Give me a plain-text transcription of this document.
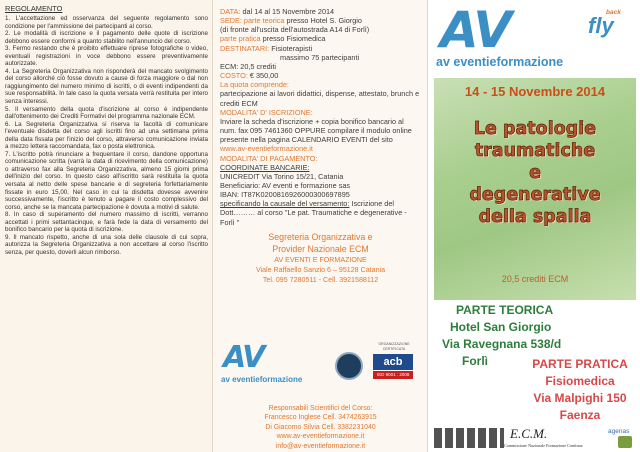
REGOLAMENTO

1. L'accettazione ed osservanza del seguente regolamento sono condizione per l'ammissione dei partecipanti al corso.

2. Le modalità di iscrizione e il pagamento delle quote di iscrizione debbono essere conformi a quanto stabilito nell'annuncio del corso.

3. Fermo restando che è proibito effettuare riprese fotografiche o video, eventuali registrazioni in voce debbono essere preventivamente autorizzate.

4. La Segreteria Organizzativa non risponderà del mancato svolgimento del corso allorché ciò fosse dovuto a cause di forza maggiore o dal non raggiungimento del numero minimo di iscritti, o di eventi indipendenti da sue responsabilità. In tale caso la quota versata verrà restituita per intero senza interessi.

5. Il versamento della quota d'iscrizione al corso è indipendente dall'ottenimento dei Crediti Formativi del programma nazionale ECM.

6. La Segreteria Organizzativa si riserva la facoltà di comunicare l'eventuale disdetta del corso agli iscritti fino ad una settimana prima della data fissata per l'inizio del corso, attraverso comunicazione inviata a mezzo lettera raccomandata, fax o posta elettronica.

7. L'iscritto potrà rinunciare a frequentare il corso, dandone opportuna comunicazione scritta (varrà la data di ricevimento della comunicazione) o attraverso fax alla Segreteria Organizzativa, almeno 15 giorni prima dell'inizio del corso. In questo caso all'iscritto sarà restituita la quota versata al netto delle spese bancarie e di segreteria forfettariamente fissate in euro 15,00. Nel caso in cui la disdetta dovesse avvenire successivamente, l'iscritto è tenuto a pagare il costo complessivo del corso, anche se la mancata partecipazione è dovuta a motivi di salute.

8. In caso di superamento del numero massimo di iscritti, verranno accettati i primi settantacinque, e farà fede la data di versamento del bonifico bancario per la quota di iscrizione.

9. Il mancato rispetto, anche di una sola delle clausole di cui sopra, autorizza la Segreteria Organizzativa a non accettare al corso l'iscritto senza, per questo, doverli alcun rimborso.

DATA: dal 14 al 15 Novembre 2014

SEDE: parte teorica presso Hotel S. Giorgio

(di fronte all'uscita dell'autostrada A14 di Forlì)

parte pratica presso Fisiomedica

DESTINATARI: Fisioterapisti

massimo 75 partecipanti

ECM: 20,5 crediti

COSTO: € 350,00

La quota comprende:

partecipazione ai lavori didattici, dispense, attestato, brunch e crediti ECM

MODALITA' D' ISCRIZIONE:

Inviare la scheda d'iscrizione + copia bonifico bancario al num. fax 095 7461360 OPPURE compilare il modulo online presente nella pagina CALENDARIO EVENTI del sito www.av-eventieformazione.it

MODALITA' DI PAGAMENTO:

COORDINATE BANCARIE:

UNICREDIT Via Torino 15/21, Catania

Beneficiario: AV eventi e formazione sas

IBAN: IT87K0200816926000300697895

specificando la causale del versamento: Iscrizione del Dott……… al corso "Le pat. Traumatiche e degenerative - Forlì "

Segreteria Organizzativa e
Provider Nazionale ECM
AV EVENTI E FORMAZIONE
Viale Raffaello Sanzio 6 – 95128 Catania
Tel. 095 7280511 - Cell. 3921588112
AV
av eventieformazione
ORGANIZZAZIONE CERTIFICATA
acb
ISO 9001 : 2008
Responsabili Scientifici del Corso:
Francesco Inglese Cell. 3474263915
Di Giacomo Silvia Cell. 3382231040
www.av-eventieformazione.it
info@av-eventieformazione.it
AV
av eventieformazione
back
fly
14 - 15 Novembre 2014
Le patologie
traumatiche
e
degenerative
della spalla
20,5 crediti ECM
PARTE TEORICA
Hotel San Giorgio
Via Ravegnana 538/d
Forlì	PARTE PRATICA
Fisiomedica
Via Malpighi 150
Faenza
E.C.M.
Commissione Nazionale Formazione Continua
agenas
